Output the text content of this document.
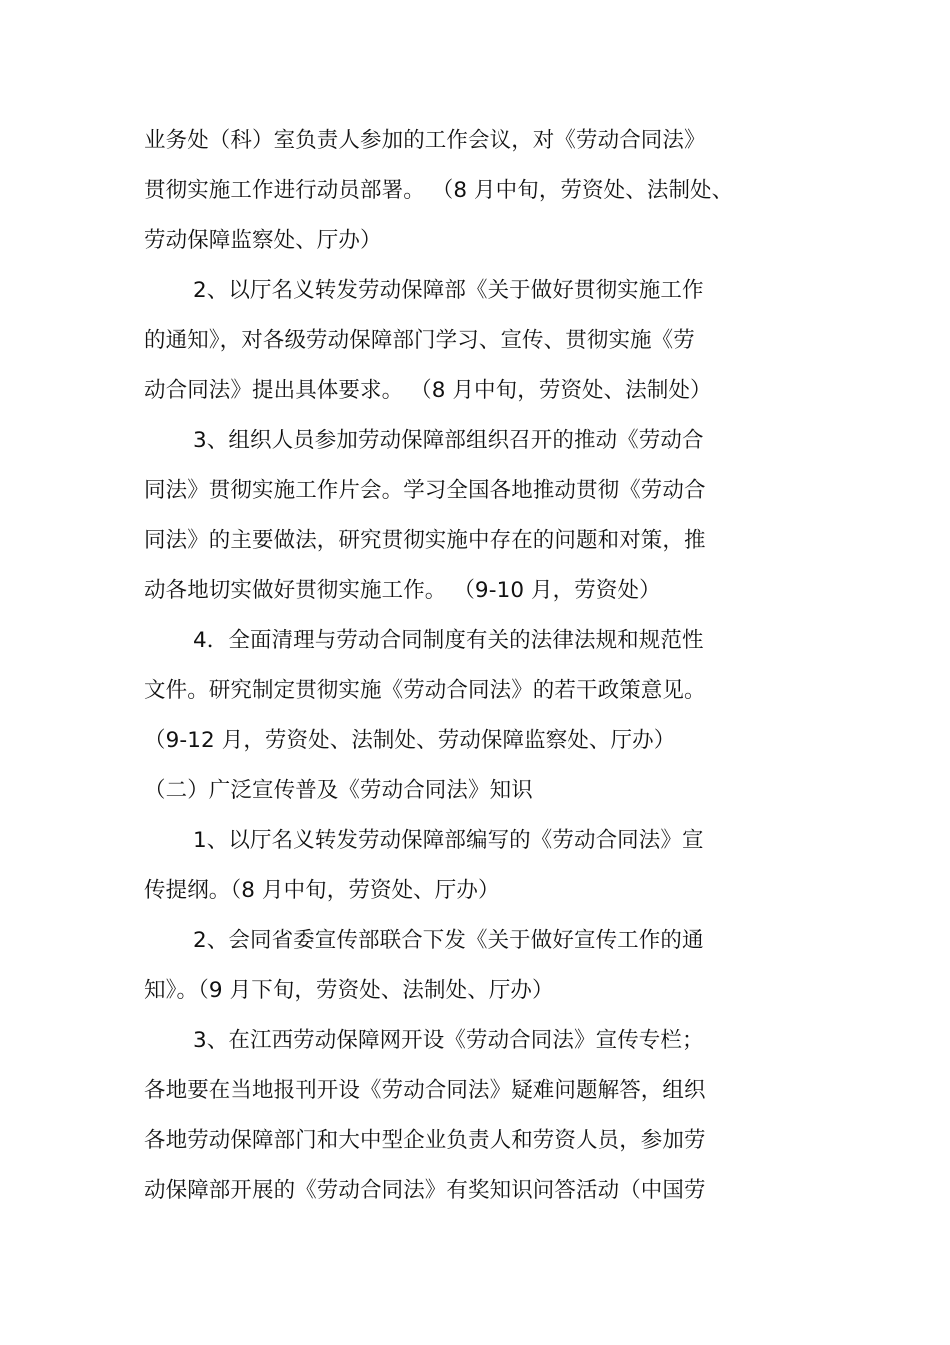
业务处（科）室负责人参加的工作会议，对《劳动合同法》
贯彻实施工作进行动员部署。 （8 月中旬，劳资处、法制处、
劳动保障监察处、厅办）
2、以厅名义转发劳动保障部《关于做好贯彻实施工作
的通知》，对各级劳动保障部门学习、宣传、贯彻实施《劳
动合同法》提出具体要求。 （8 月中旬，劳资处、法制处）
3、组织人员参加劳动保障部组织召开的推动《劳动合
同法》贯彻实施工作片会。学习全国各地推动贯彻《劳动合
同法》的主要做法，研究贯彻实施中存在的问题和对策，推
动各地切实做好贯彻实施工作。 （9-10 月，劳资处）
4．全面清理与劳动合同制度有关的法律法规和规范性
文件。研究制定贯彻实施《劳动合同法》的若干政策意见。
（9-12 月，劳资处、法制处、劳动保障监察处、厅办）
（二）广泛宣传普及《劳动合同法》知识
1、以厅名义转发劳动保障部编写的《劳动合同法》宣
传提纲。（8 月中旬，劳资处、厅办）
2、会同省委宣传部联合下发《关于做好宣传工作的通
知》。（9 月下旬，劳资处、法制处、厅办）
3、在江西劳动保障网开设《劳动合同法》宣传专栏；
各地要在当地报刊开设《劳动合同法》疑难问题解答，组织
各地劳动保障部门和大中型企业负责人和劳资人员，参加劳
动保障部开展的《劳动合同法》有奖知识问答活动（中国劳
